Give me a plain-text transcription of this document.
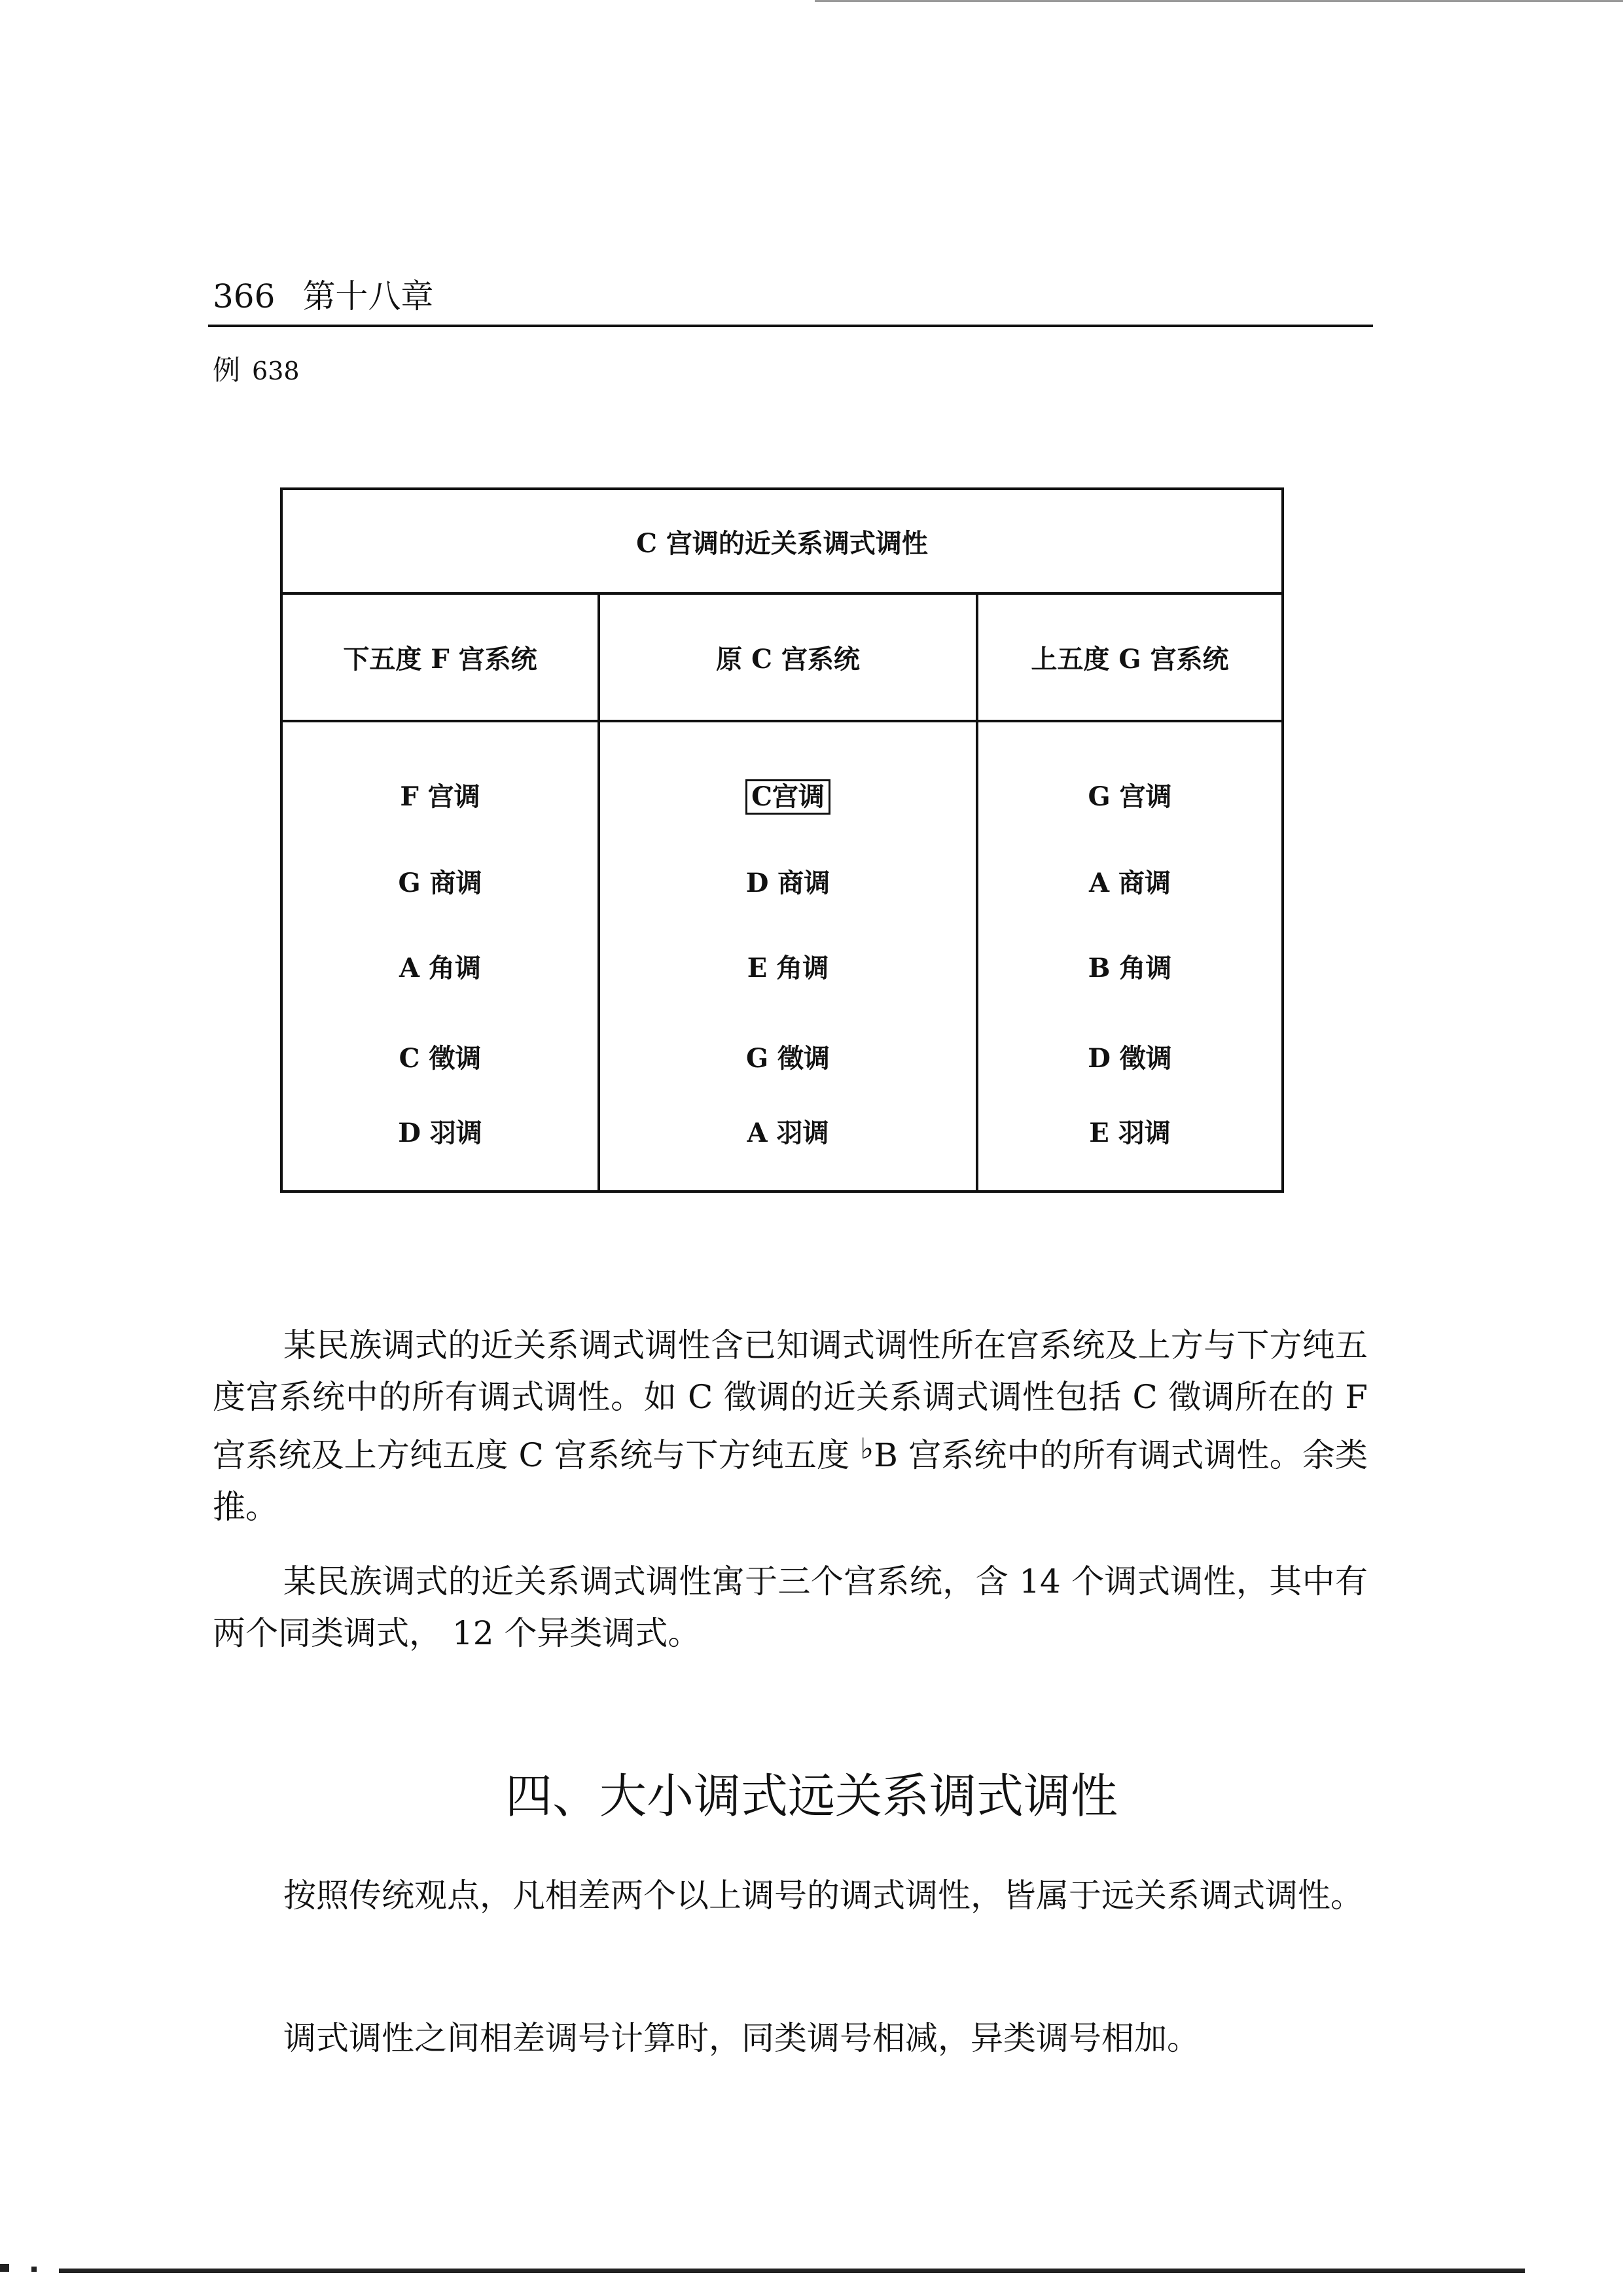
366 第十八章
例 638
C 宫调的近关系调式调性
下五度 F 宫系统
F 宫调
G 商调
A 角调
C 徵调
D 羽调
原 C 宫系统
C宫调
D 商调
E 角调
G 徵调
A 羽调
上五度 G 宫系统
G 宫调
A 商调
B 角调
D 徵调
E 羽调
某民族调式的近关系调式调性含已知调式调性所在宫系统及上方与下方纯五度宫系统中的所有调式调性。如 C 徵调的近关系调式调性包括 C 徵调所在的 F 宫系统及上方纯五度 C 宫系统与下方纯五度 ♭B 宫系统中的所有调式调性。余类推。
某民族调式的近关系调式调性寓于三个宫系统，含 14 个调式调性，其中有两个同类调式， 12 个异类调式。
四、大小调式远关系调式调性
按照传统观点，凡相差两个以上调号的调式调性，皆属于远关系调式调性。
调式调性之间相差调号计算时，同类调号相减，异类调号相加。
